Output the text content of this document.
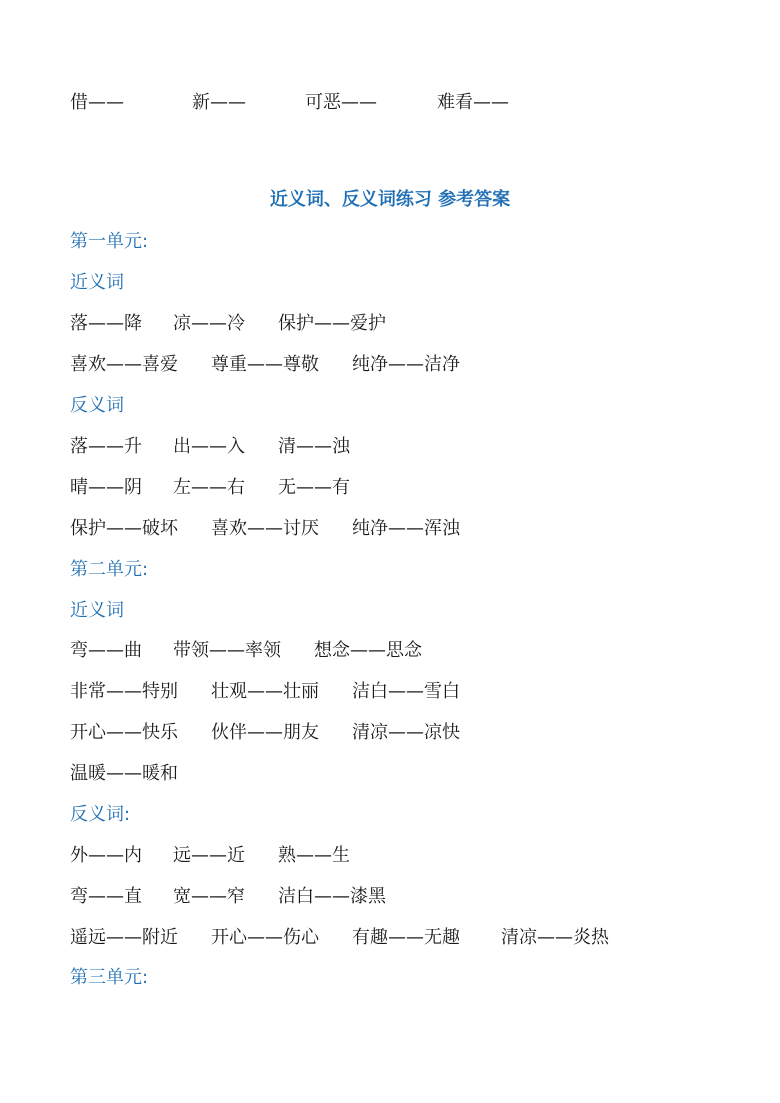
借——	新——	可恶——	难看——
近义词、反义词练习 参考答案
第一单元:
近义词
落——降 凉——冷 保护——爱护
喜欢——喜爱 尊重——尊敬 纯净——洁净
反义词
落——升 出——入 清——浊
晴——阴 左——右 无——有
保护——破坏 喜欢——讨厌 纯净——浑浊
第二单元:
近义词
弯——曲 带领——率领 想念——思念
非常——特别 壮观——壮丽 洁白——雪白
开心——快乐 伙伴——朋友 清凉——凉快
温暖——暖和
反义词:
外——内 远——近 熟——生
弯——直 宽——窄 洁白——漆黑
遥远——附近 开心——伤心 有趣——无趣 清凉——炎热
第三单元:
